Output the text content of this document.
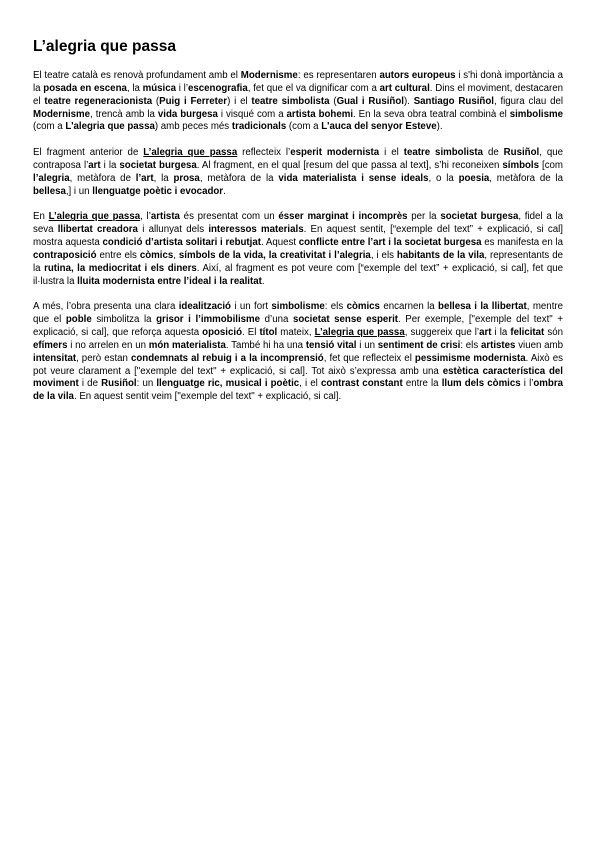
L’alegria que passa

El teatre català es renovà profundament amb el Modernisme: es representaren autors europeus i s'hi donà importància a la posada en escena, la música i l’escenografia, fet que el va dignificar com a art cultural. Dins el moviment, destacaren el teatre regeneracionista (Puig i Ferreter) i el teatre simbolista (Gual i Rusiñol). Santiago Rusiñol, figura clau del Modernisme, trencà amb la vida burgesa i visqué com a artista bohemi. En la seva obra teatral combinà el simbolisme (com a L'alegria que passa) amb peces més tradicionals (com a L'auca del senyor Esteve).

El fragment anterior de L’alegria que passa reflecteix l’esperit modernista i el teatre simbolista de Rusiñol, que contraposa l’art i la societat burgesa. Al fragment, en el qual [resum del que passa al text], s’hi reconeixen símbols [com l’alegria, metàfora de l’art, la prosa, metàfora de la vida materialista i sense ideals, o la poesia, metàfora de la bellesa,] i un llenguatge poètic i evocador.

En L’alegria que passa, l’artista és presentat com un ésser marginat i incomprès per la societat burgesa, fidel a la seva llibertat creadora i allunyat dels interessos materials. En aquest sentit, [“exemple del text” + explicació, si cal] mostra aquesta condició d’artista solitari i rebutjat. Aquest conflicte entre l’art i la societat burgesa es manifesta en la contraposició entre els còmics, símbols de la vida, la creativitat i l’alegria, i els habitants de la vila, representants de la rutina, la mediocritat i els diners. Així, al fragment es pot veure com [“exemple del text” + explicació, si cal], fet que il·lustra la lluita modernista entre l’ideal i la realitat.

A més, l’obra presenta una clara idealització i un fort simbolisme: els còmics encarnen la bellesa i la llibertat, mentre que el poble simbolitza la grisor i l’immobilisme d’una societat sense esperit. Per exemple, ["exemple del text" + explicació, si cal], que reforça aquesta oposició. El títol mateix, L’alegria que passa, suggereix que l’art i la felicitat són efímers i no arrelen en un món materialista. També hi ha una tensió vital i un sentiment de crisi: els artistes viuen amb intensitat, però estan condemnats al rebuig i a la incomprensió, fet que reflecteix el pessimisme modernista. Això es pot veure clarament a ["exemple del text" + explicació, si cal]. Tot això s’expressa amb una estètica característica del moviment i de Rusiñol: un llenguatge ric, musical i poètic, i el contrast constant entre la llum dels còmics i l’ombra de la vila. En aquest sentit veim ["exemple del text" + explicació, si cal].
